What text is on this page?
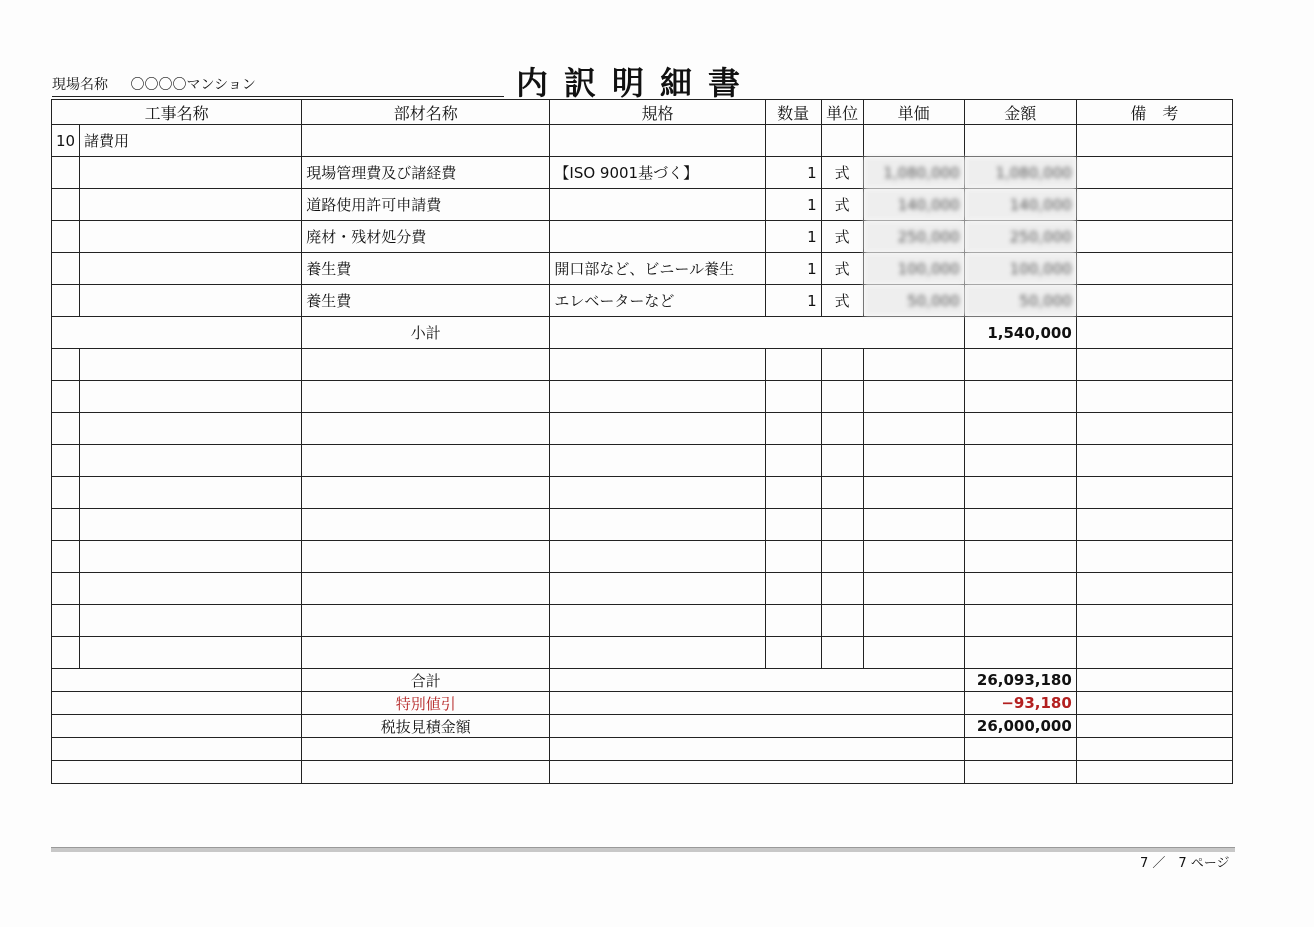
現場名称 〇〇〇〇マンション	内訳明細書
工事名称		部材名称	規格	数量	単位	単価	金額	備　考
10	諸費用							
		現場管理費及び諸経費	【ISO 9001基づく】	1	式	1,080,000	1,080,000	
		道路使用許可申請費		1	式	140,000	140,000	
		廃材・残材処分費		1	式	250,000	250,000	
		養生費	開口部など、ビニール養生	1	式	100,000	100,000	
		養生費	エレベーターなど	1	式	50,000	50,000	
		小計					1,540,000	

		合計					26,093,180	
		特別値引					−93,180	
		税抜見積金額					26,000,000	

7 ／　7 ページ
